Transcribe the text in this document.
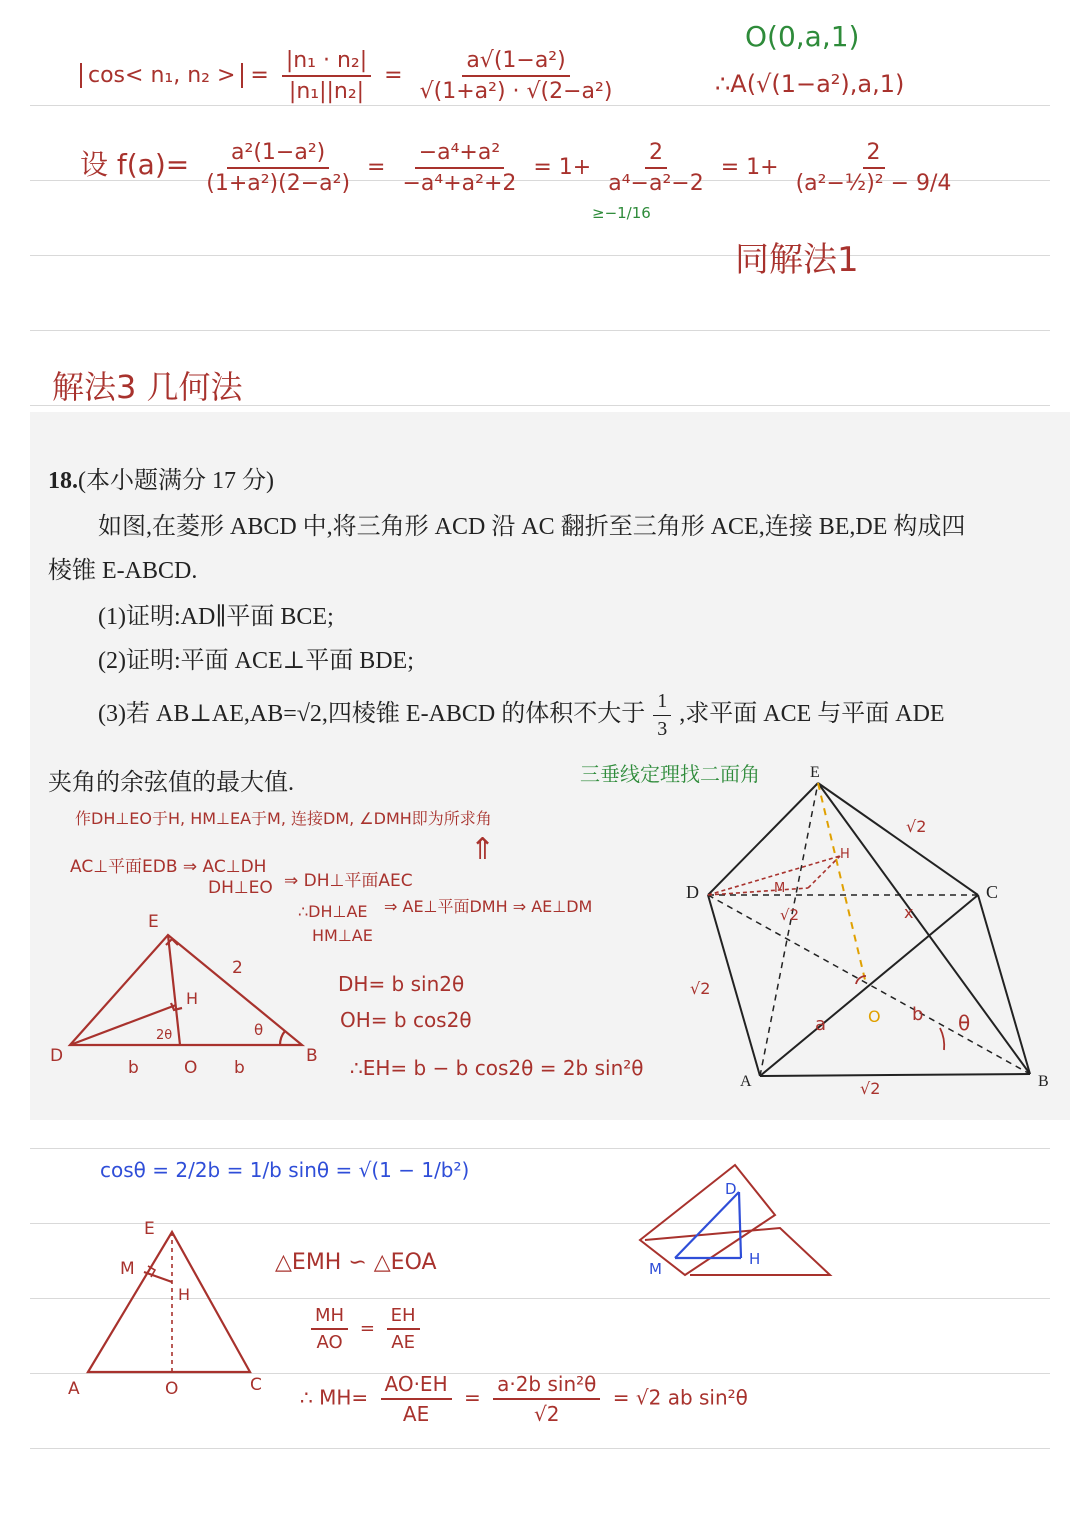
cos< n₁, n₂ > = $\frac{\text{|n₁ · n₂|}}{\text{|n₁||n₂|}} = \frac{\text{a√(1−a²)}}{\text{√(1+a²) · √(2−a²)}}$
O(0,a,1)
∴A(√(1−a²),a,1)
设 $f(a)= \frac{\text{a²(1−a²)}}{\text{(1+a²)(2−a²)}} = \frac{\text{−a⁴+a²}}{\text{−a⁴+a²+2}} = 1+ \frac{2}{\text{a⁴−a²−2}} = 1+ \frac{2}{\text{(a²−½)² − 9/4}}$
≥−1/16
同解法1
解法3 几何法
18.(本小题满分 17 分)
如图,在菱形 ABCD 中,将三角形 ACD 沿 AC 翻折至三角形 ACE,连接 BE,DE 构成四
棱锥 E-ABCD.
(1)证明:AD∥平面 BCE;
(2)证明:平面 ACE⊥平面 BDE;
(3)若 AB⊥AE,AB=√2,四棱锥 E-ABCD 的体积不大于 $\frac{1}{3}$ ,求平面 ACE 与平面 ADE
夹角的余弦值的最大值.	三垂线定理找二面角
作DH⊥EO于H, HM⊥EA于M, 连接DM, ∠DMH即为所求角
⇑
AC⊥平面EDB ⇒ AC⊥DH
DH⊥EO ⇒ DH⊥平面AEC
∴DH⊥AE
HM⊥AE
⇒ AE⊥平面DMH ⇒ AE⊥DM
DH= b sin2θ
OH= b cos2θ
∴EH= b − b cos2θ = 2b sin²θ
E
D	B
H
O
b	b
2
2θ	θ
E
D	C
A	B
H
M
O
√2
√2
√2
√2
a	b
x
θ
cosθ = 2/2b = 1/b sinθ = √(1 − 1/b²)
E
M
H
A	O	C
△EMH ∽ △EOA
$\frac{MH}{AO} = \frac{EH}{AE}$
∴ $MH= \frac{AO\cdot EH}{AE} = \frac{\text{a·2b sin²θ}}{√2} = √2$ ab sin²θ
D
M
H
